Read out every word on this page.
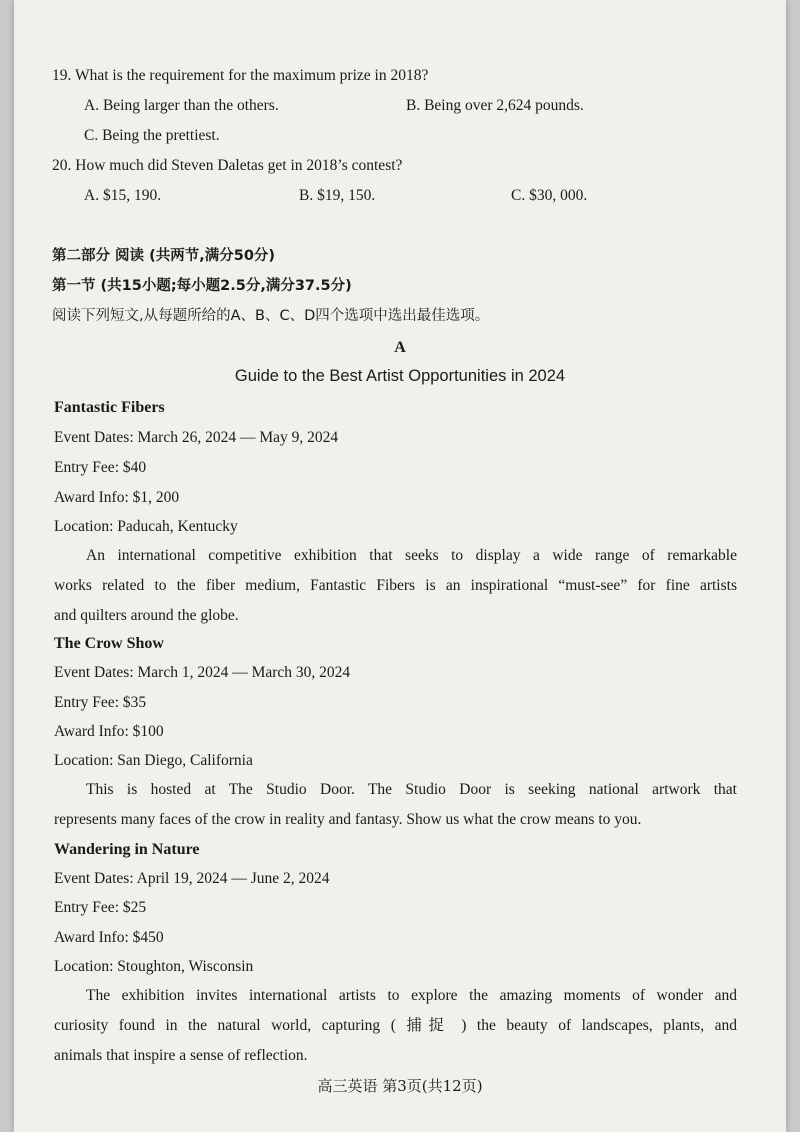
19. What is the requirement for the maximum prize in 2018?
A. Being larger than the others.	B. Being over 2,624 pounds.
C. Being the prettiest.
20. How much did Steven Daletas get in 2018’s contest?
A. $15, 190.	B. $19, 150.	C. $30, 000.
第二部分 阅读 (共两节,满分50分)
第一节 (共15小题;每小题2.5分,满分37.5分)
阅读下列短文,从每题所给的A、B、C、D四个选项中选出最佳选项。
A
Guide to the Best Artist Opportunities in 2024
Fantastic Fibers
Event Dates: March 26, 2024 — May 9, 2024
Entry Fee: $40
Award Info: $1, 200
Location: Paducah, Kentucky
An international competitive exhibition that seeks to display a wide range of remarkable
works related to the fiber medium, Fantastic Fibers is an inspirational “must-see” for fine artists
and quilters around the globe.
The Crow Show
Event Dates: March 1, 2024 — March 30, 2024
Entry Fee: $35
Award Info: $100
Location: San Diego, California
This is hosted at The Studio Door. The Studio Door is seeking national artwork that
represents many faces of the crow in reality and fantasy. Show us what the crow means to you.
Wandering in Nature
Event Dates: April 19, 2024 — June 2, 2024
Entry Fee: $25
Award Info: $450
Location: Stoughton, Wisconsin
The exhibition invites international artists to explore the amazing moments of wonder and
curiosity found in the natural world, capturing ( 捕捉 ) the beauty of landscapes, plants, and
animals that inspire a sense of reflection.
高三英语 第3页(共12页)
